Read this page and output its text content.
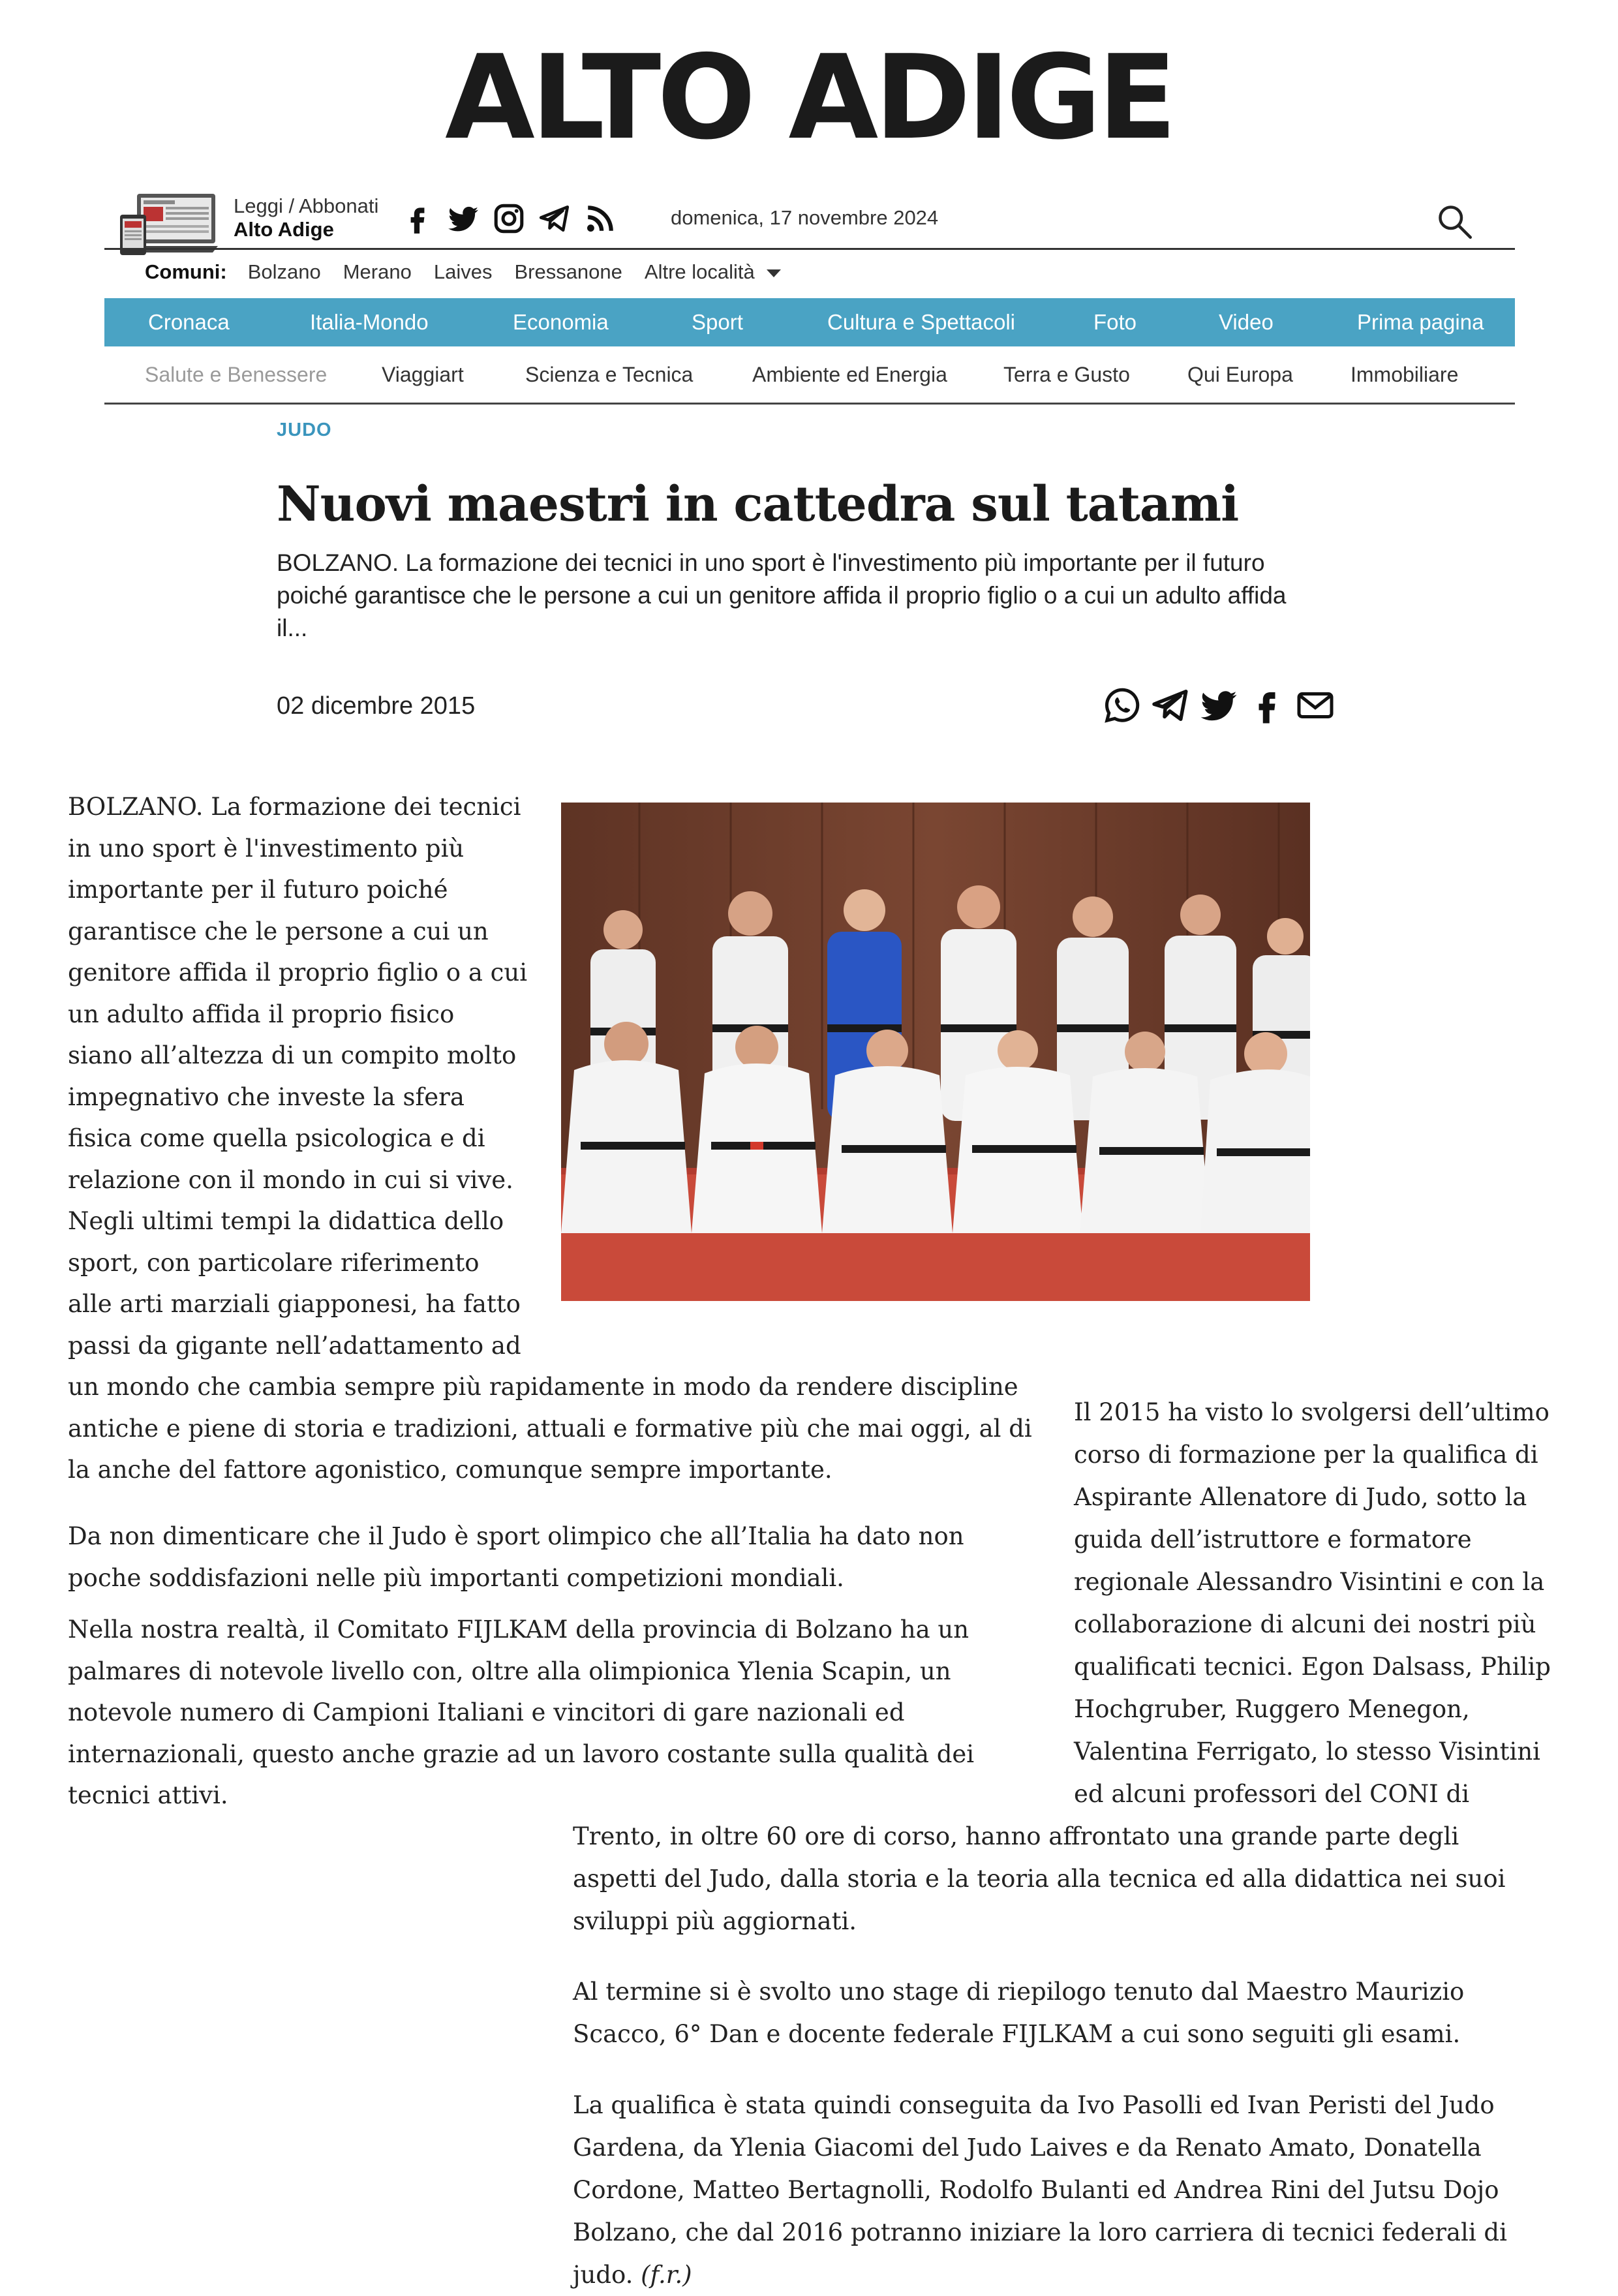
ALTO ADIGE
Leggi / Abbonati
Alto Adige
domenica, 17 novembre 2024
Comuni: Bolzano Merano Laives Bressanone Altre località
Cronaca	Italia-Mondo	Economia	Sport	Cultura e Spettacoli	Foto	Video	Prima pagina
Salute e Benessere	Viaggiart	Scienza e Tecnica	Ambiente ed Energia	Terra e Gusto	Qui Europa	Immobiliare
JUDO
Nuovi maestri in cattedra sul tatami
BOLZANO. La formazione dei tecnici in uno sport è l'investimento più importante per il futuro poiché garantisce che le persone a cui un genitore affida il proprio figlio o a cui un adulto affida il...
02 dicembre 2015
BOLZANO. La formazione dei tecnici
in uno sport è l'investimento più
importante per il futuro poiché
garantisce che le persone a cui un
genitore affida il proprio figlio o a cui
un adulto affida il proprio fisico
siano all’altezza di un compito molto
impegnativo che investe la sfera
fisica come quella psicologica e di
relazione con il mondo in cui si vive.
Negli ultimi tempi la didattica dello
sport, con particolare riferimento
alle arti marziali giapponesi, ha fatto
passi da gigante nell’adattamento ad
un mondo che cambia sempre più rapidamente in modo da rendere discipline
antiche e piene di storia e tradizioni, attuali e formative più che mai oggi, al di
la anche del fattore agonistico, comunque sempre importante.
Da non dimenticare che il Judo è sport olimpico che all’Italia ha dato non
poche soddisfazioni nelle più importanti competizioni mondiali.
Nella nostra realtà, il Comitato FIJLKAM della provincia di Bolzano ha un
palmares di notevole livello con, oltre alla olimpionica Ylenia Scapin, un
notevole numero di Campioni Italiani e vincitori di gare nazionali ed
internazionali, questo anche grazie ad un lavoro costante sulla qualità dei
tecnici attivi.
Il 2015 ha visto lo svolgersi dell’ultimo
corso di formazione per la qualifica di
Aspirante Allenatore di Judo, sotto la
guida dell’istruttore e formatore
regionale Alessandro Visintini e con la
collaborazione di alcuni dei nostri più
qualificati tecnici. Egon Dalsass, Philip
Hochgruber, Ruggero Menegon,
Valentina Ferrigato, lo stesso Visintini
ed alcuni professori del CONI di
Trento, in oltre 60 ore di corso, hanno affrontato una grande parte degli
aspetti del Judo, dalla storia e la teoria alla tecnica ed alla didattica nei suoi
sviluppi più aggiornati.
Al termine si è svolto uno stage di riepilogo tenuto dal Maestro Maurizio
Scacco, 6° Dan e docente federale FIJLKAM a cui sono seguiti gli esami.
La qualifica è stata quindi conseguita da Ivo Pasolli ed Ivan Peristi del Judo
Gardena, da Ylenia Giacomi del Judo Laives e da Renato Amato, Donatella
Cordone, Matteo Bertagnolli, Rodolfo Bulanti ed Andrea Rini del Jutsu Dojo
Bolzano, che dal 2016 potranno iniziare la loro carriera di tecnici federali di
judo. (f.r.)
